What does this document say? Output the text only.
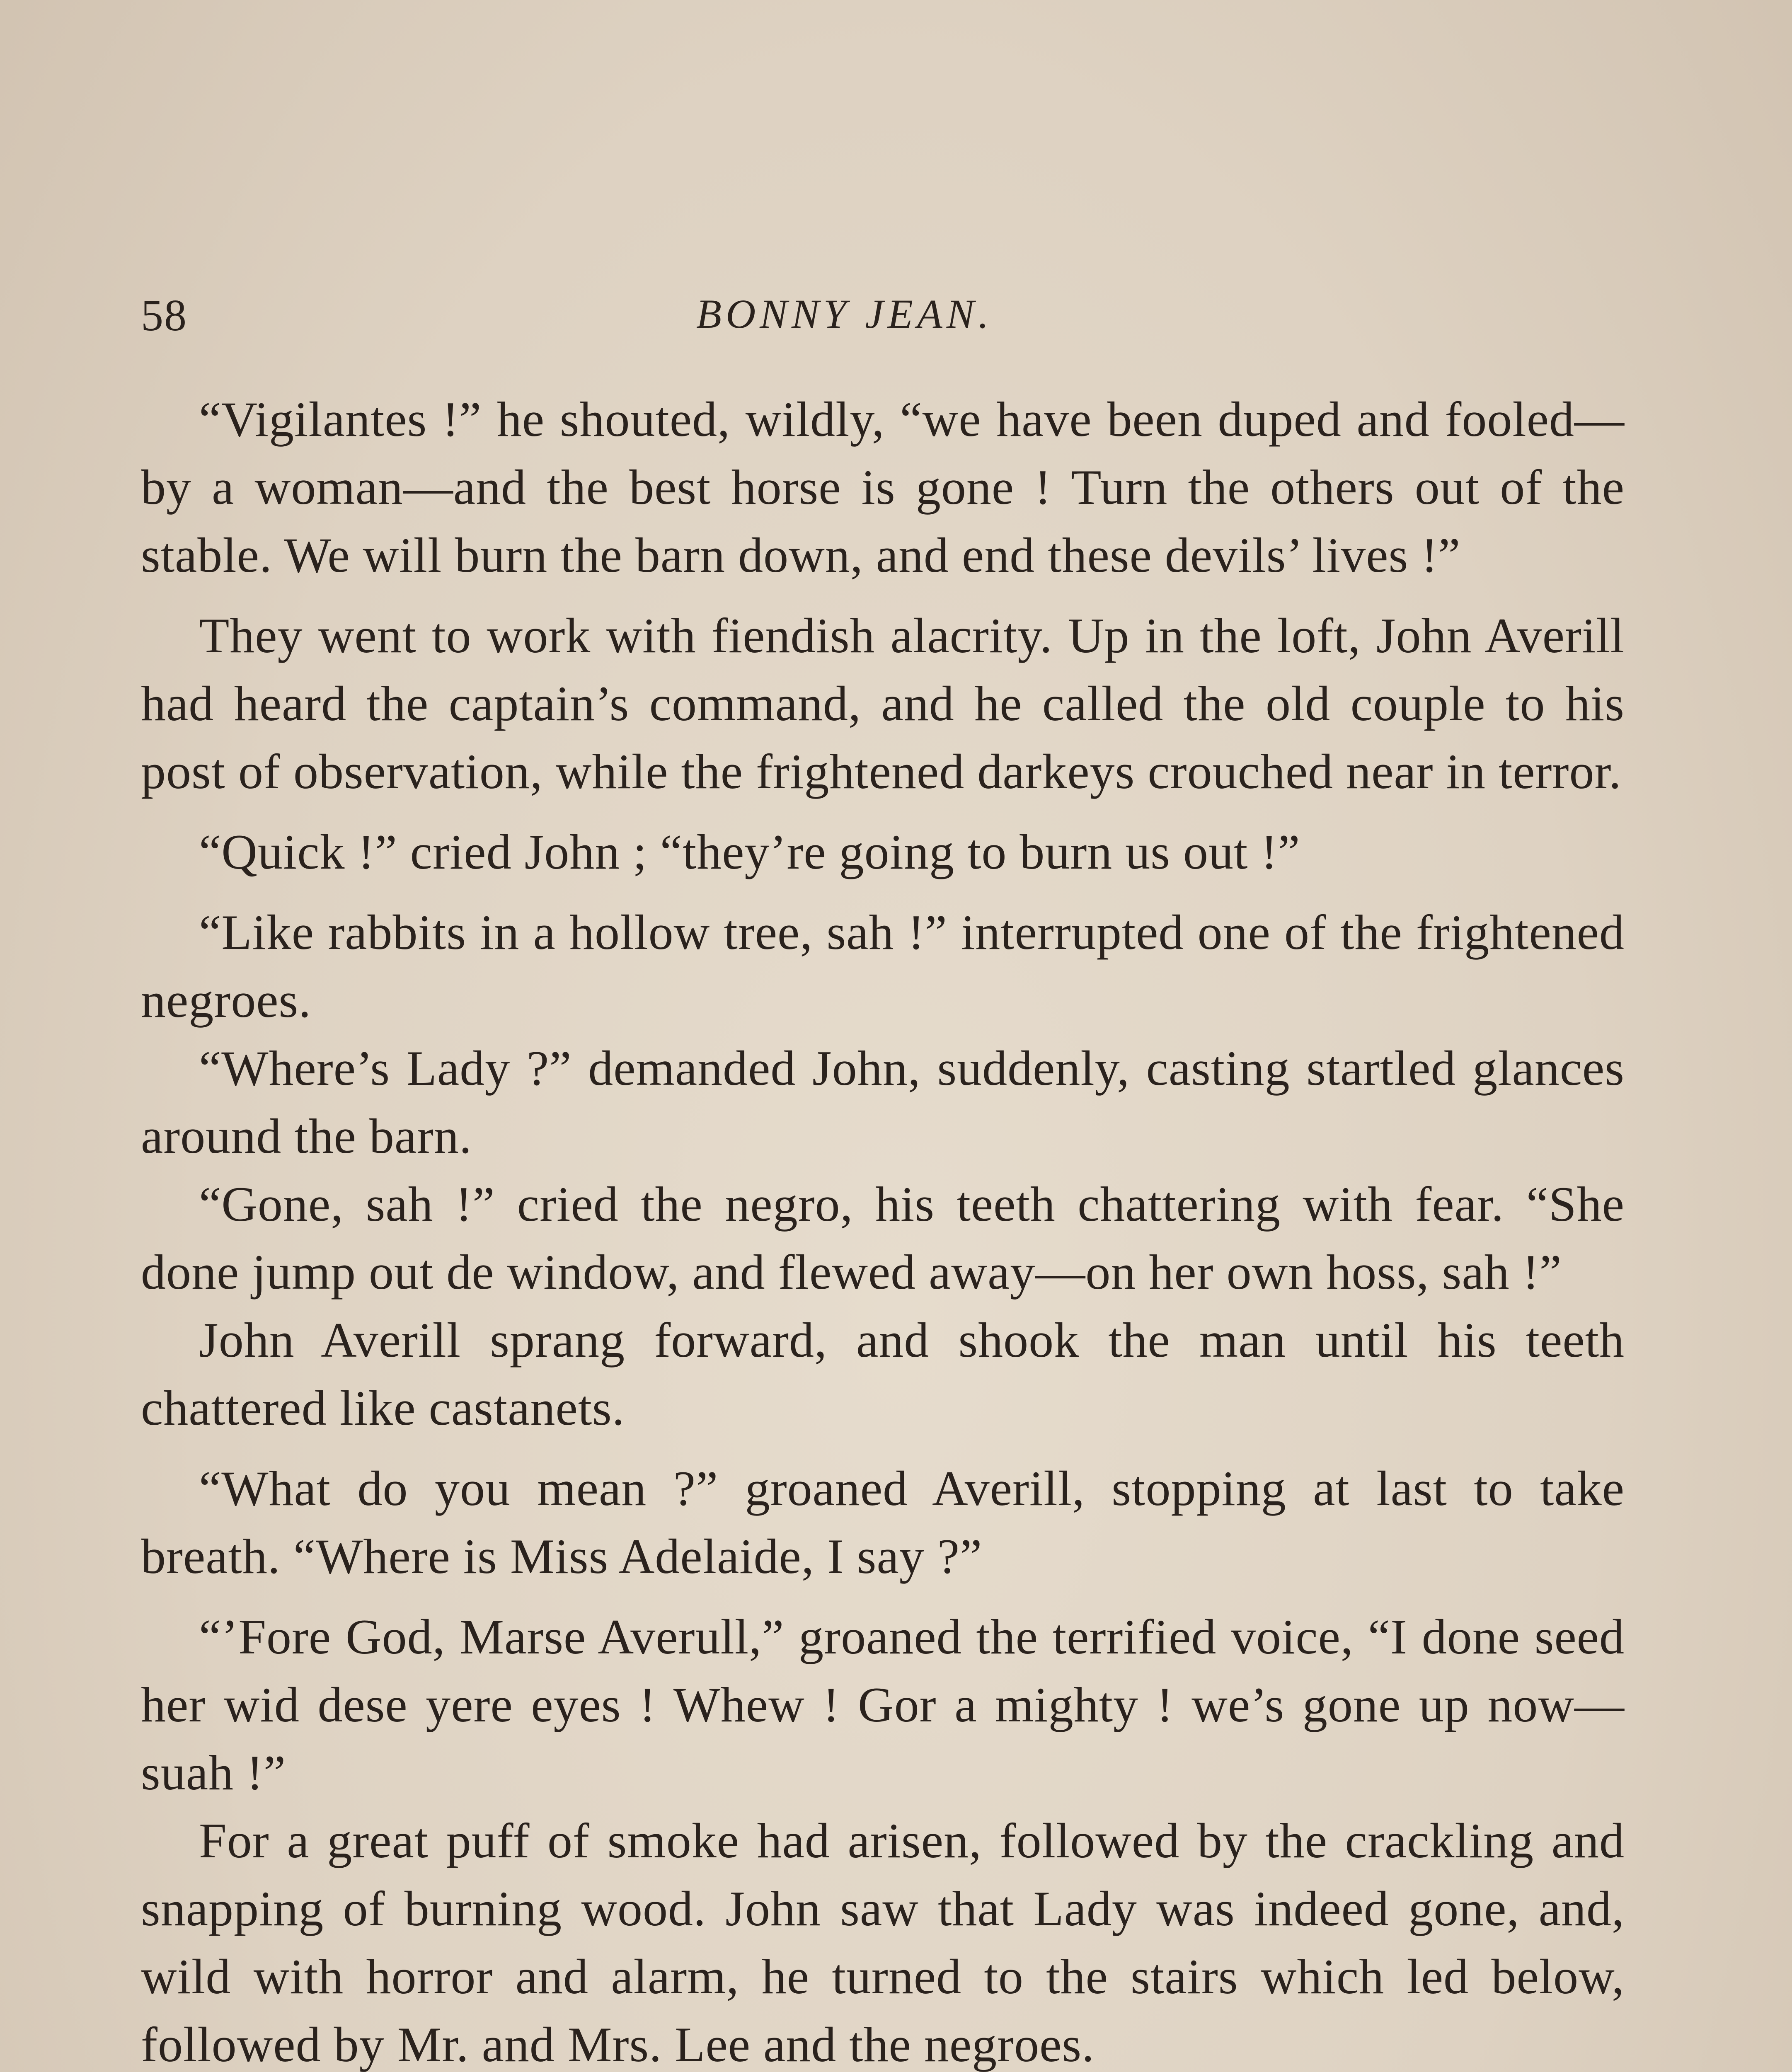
58	BONNY JEAN.

“Vigilantes !” he shouted, wildly, “we have been duped and fooled—by a woman—and the best horse is gone ! Turn the others out of the stable. We will burn the barn down, and end these devils’ lives !”

They went to work with fiendish alacrity. Up in the loft, John Averill had heard the captain’s command, and he called the old couple to his post of observation, while the frightened darkeys crouched near in terror.

“Quick !” cried John ; “they’re going to burn us out !”

“Like rabbits in a hollow tree, sah !” interrupted one of the frightened negroes.

“Where’s Lady ?” demanded John, suddenly, casting startled glances around the barn.

“Gone, sah !” cried the negro, his teeth chattering with fear. “She done jump out de window, and flewed away—on her own hoss, sah !”

John Averill sprang forward, and shook the man until his teeth chattered like castanets.

“What do you mean ?” groaned Averill, stopping at last to take breath. “Where is Miss Adelaide, I say ?”

“’Fore God, Marse Averull,” groaned the terrified voice, “I done seed her wid dese yere eyes ! Whew ! Gor a mighty ! we’s gone up now—suah !”

For a great puff of smoke had arisen, followed by the crackling and snapping of burning wood. John saw that Lady was indeed gone, and, wild with horror and alarm, he turned to the stairs which led below, followed by Mr. and Mrs. Lee and the negroes.
